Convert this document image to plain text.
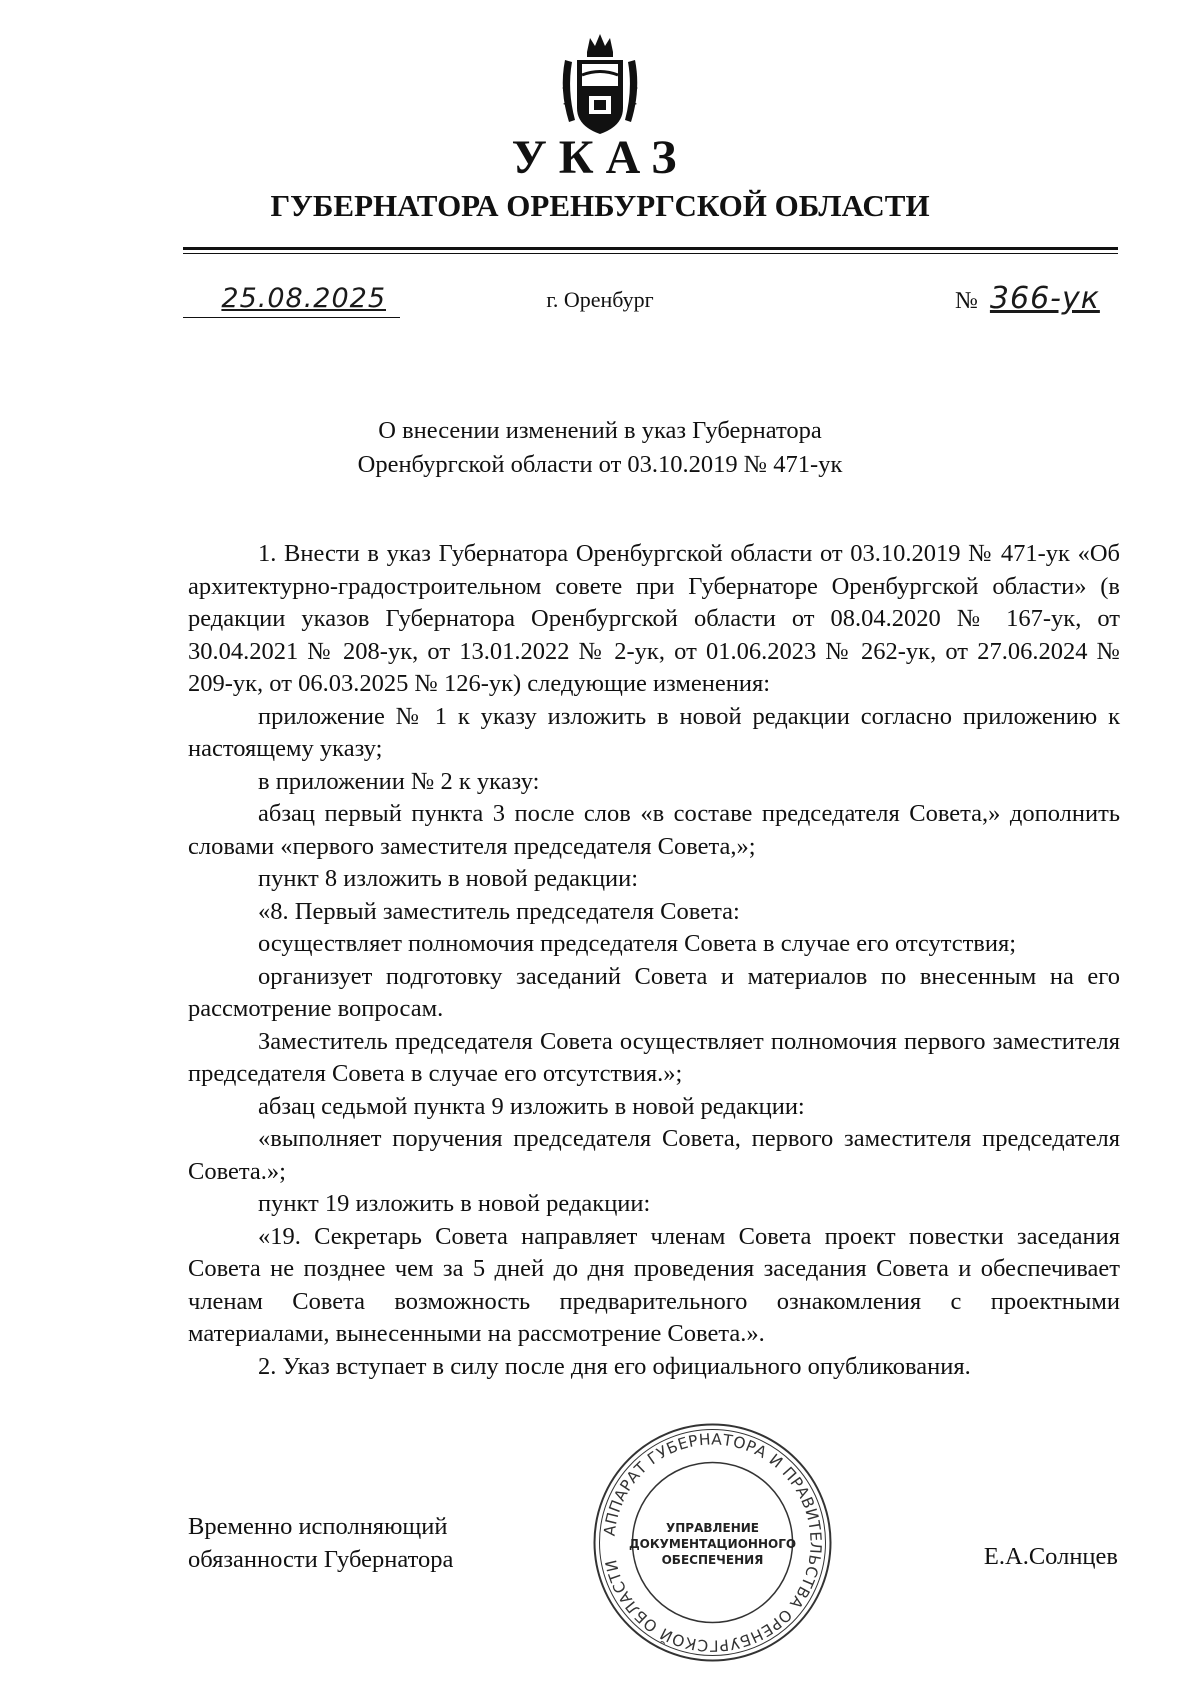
УКАЗ
ГУБЕРНАТОРА ОРЕНБУРГСКОЙ ОБЛАСТИ
25.08.2025	г. Оренбург	№ 366-ук
О внесении изменений в указ Губернатора
Оренбургской области от 03.10.2019 № 471-ук

1. Внести в указ Губернатора Оренбургской области от 03.10.2019 № 471-ук «Об архитектурно-градостроительном совете при Губернаторе Оренбургской области» (в редакции указов Губернатора Оренбургской области от 08.04.2020 № 167-ук, от 30.04.2021 № 208-ук, от 13.01.2022 № 2-ук, от 01.06.2023 № 262-ук, от 27.06.2024 № 209-ук, от 06.03.2025 № 126-ук) следующие изменения:

приложение № 1 к указу изложить в новой редакции согласно приложению к настоящему указу;

в приложении № 2 к указу:

абзац первый пункта 3 после слов «в составе председателя Совета,» дополнить словами «первого заместителя председателя Совета,»;

пункт 8 изложить в новой редакции:

«8. Первый заместитель председателя Совета:

осуществляет полномочия председателя Совета в случае его отсутствия;

организует подготовку заседаний Совета и материалов по внесенным на его рассмотрение вопросам.

Заместитель председателя Совета осуществляет полномочия первого заместителя председателя Совета в случае его отсутствия.»;

абзац седьмой пункта 9 изложить в новой редакции:

«выполняет поручения председателя Совета, первого заместителя председателя Совета.»;

пункт 19 изложить в новой редакции:

«19. Секретарь Совета направляет членам Совета проект повестки заседания Совета не позднее чем за 5 дней до дня проведения заседания Совета и обеспечивает членам Совета возможность предварительного ознакомления с проектными материалами, вынесенными на рассмотрение Совета.».

2. Указ вступает в силу после дня его официального опубликования.

Временно исполняющий
обязанности Губернатора
АППАРАТ ГУБЕРНАТОРА И ПРАВИТЕЛЬСТВА ОРЕНБУРГСКОЙ ОБЛАСТИ
УПРАВЛЕНИЕ
ДОКУМЕНТАЦИОННОГО
ОБЕСПЕЧЕНИЯ	Е.А.Солнцев
